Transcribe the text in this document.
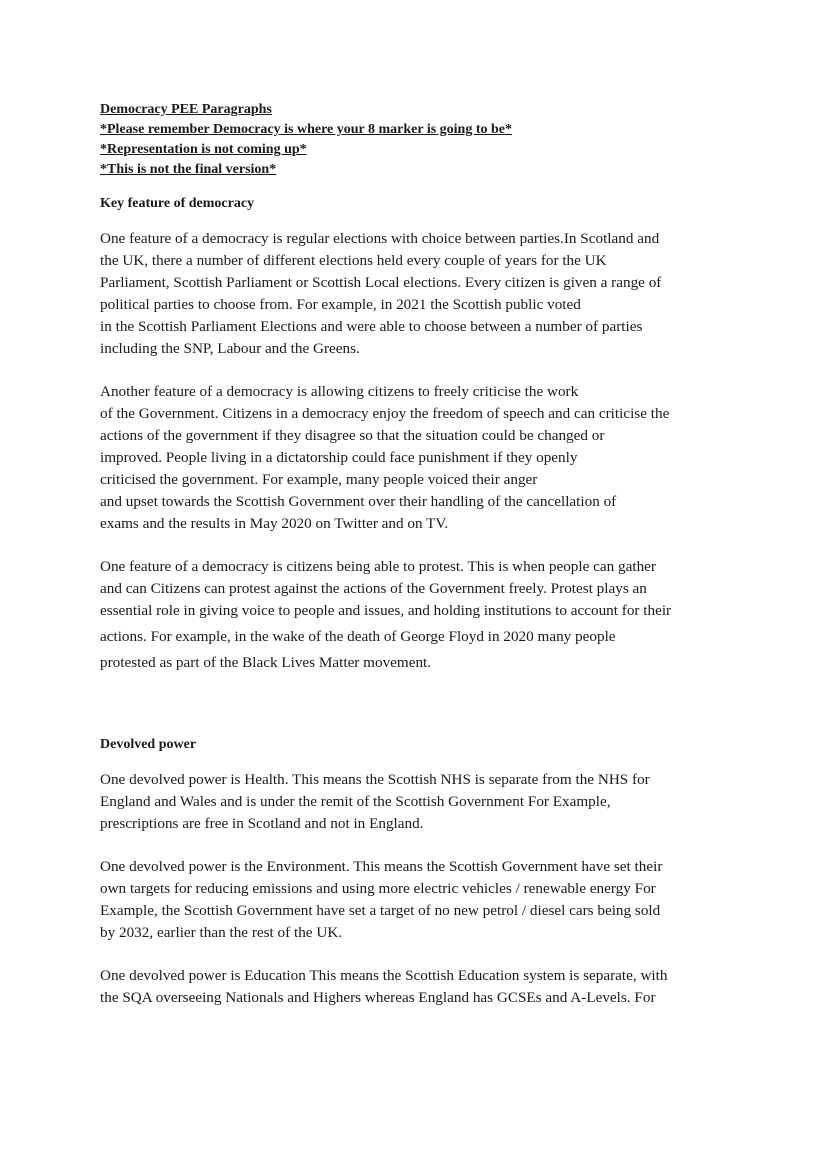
Democracy PEE Paragraphs

*Please remember Democracy is where your 8 marker is going to be*

*Representation is not coming up*

*This is not the final version*

Key feature of democracy

One feature of a democracy is regular elections with choice between parties.In Scotland and
the UK, there a number of different elections held every couple of years for the UK
Parliament, Scottish Parliament or Scottish Local elections. Every citizen is given a range of
political parties to choose from. For example, in 2021 the Scottish public voted
in the Scottish Parliament Elections and were able to choose between a number of parties
including the SNP, Labour and the Greens.
Another feature of a democracy is allowing citizens to freely criticise the work
of the Government. Citizens in a democracy enjoy the freedom of speech and can criticise the
actions of the government if they disagree so that the situation could be changed or
improved. People living in a dictatorship could face punishment if they openly
criticised the government. For example, many people voiced their anger
and upset towards the Scottish Government over their handling of the cancellation of
exams and the results in May 2020 on Twitter and on TV.
One feature of a democracy is citizens being able to protest. This is when people can gather
and can Citizens can protest against the actions of the Government freely. Protest plays an
essential role in giving voice to people and issues, and holding institutions to account for their
actions. For example, in the wake of the death of George Floyd in 2020 many people
protested as part of the Black Lives Matter movement.

Devolved power

One devolved power is Health. This means the Scottish NHS is separate from the NHS for
England and Wales and is under the remit of the Scottish Government For Example,
prescriptions are free in Scotland and not in England.
One devolved power is the Environment. This means the Scottish Government have set their
own targets for reducing emissions and using more electric vehicles / renewable energy For
Example, the Scottish Government have set a target of no new petrol / diesel cars being sold
by 2032, earlier than the rest of the UK.
One devolved power is Education This means the Scottish Education system is separate, with
the SQA overseeing Nationals and Highers whereas England has GCSEs and A-Levels. For
